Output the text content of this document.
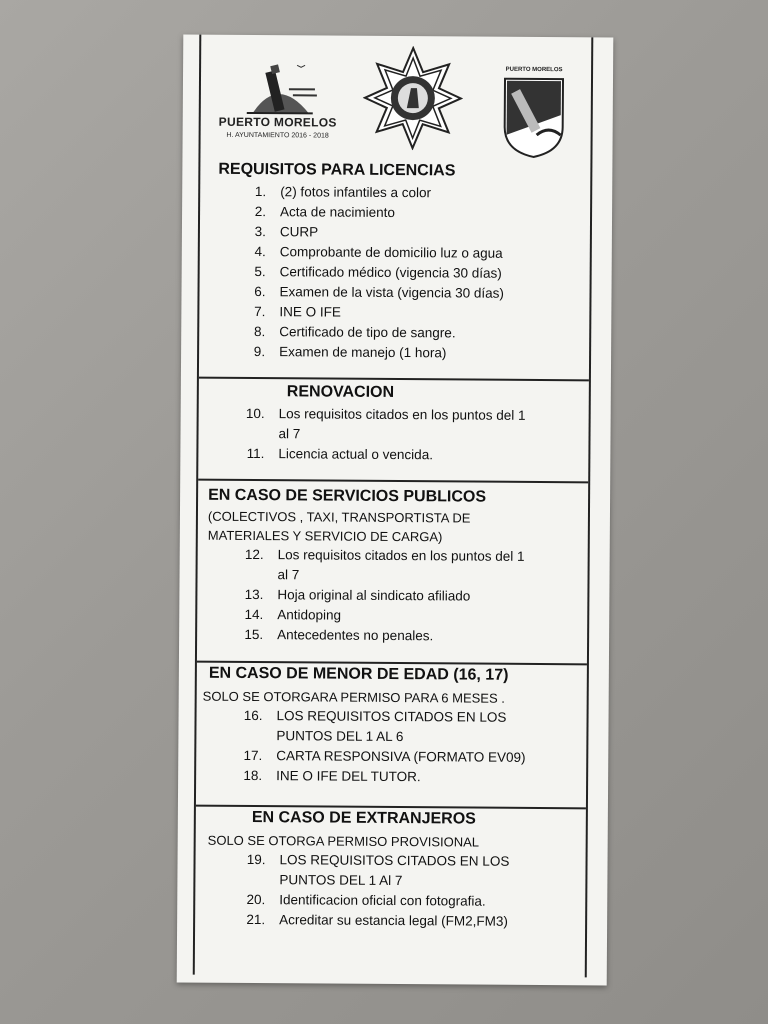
PUERTO MORELOS
H. AYUNTAMIENTO 2016 - 2018
PUERTO MORELOS
REQUISITOS PARA LICENCIAS
1. (2) fotos infantiles a color
2. Acta de nacimiento
3. CURP
4. Comprobante de domicilio luz o agua
5. Certificado médico (vigencia 30 días)
6. Examen de la vista (vigencia 30 días)
7. INE O IFE
8. Certificado de tipo de sangre.
9. Examen de manejo (1 hora)
RENOVACION
10. Los requisitos citados en los puntos del 1
al 7
11. Licencia actual o vencida.
EN CASO DE SERVICIOS PUBLICOS
(COLECTIVOS , TAXI, TRANSPORTISTA DE
MATERIALES Y SERVICIO DE CARGA)
12. Los requisitos citados en los puntos del 1
al 7
13. Hoja original al sindicato afiliado
14. Antidoping
15. Antecedentes no penales.
EN CASO DE MENOR DE EDAD (16, 17)
SOLO SE OTORGARA PERMISO PARA 6 MESES .
16. LOS REQUISITOS CITADOS EN LOS
PUNTOS DEL 1 AL 6
17. CARTA RESPONSIVA (FORMATO EV09)
18. INE O IFE DEL TUTOR.
EN CASO DE EXTRANJEROS
SOLO SE OTORGA PERMISO PROVISIONAL
19. LOS REQUISITOS CITADOS EN LOS
PUNTOS DEL 1 Al 7
20. Identificacion oficial con fotografia.
21. Acreditar su estancia legal (FM2,FM3)
